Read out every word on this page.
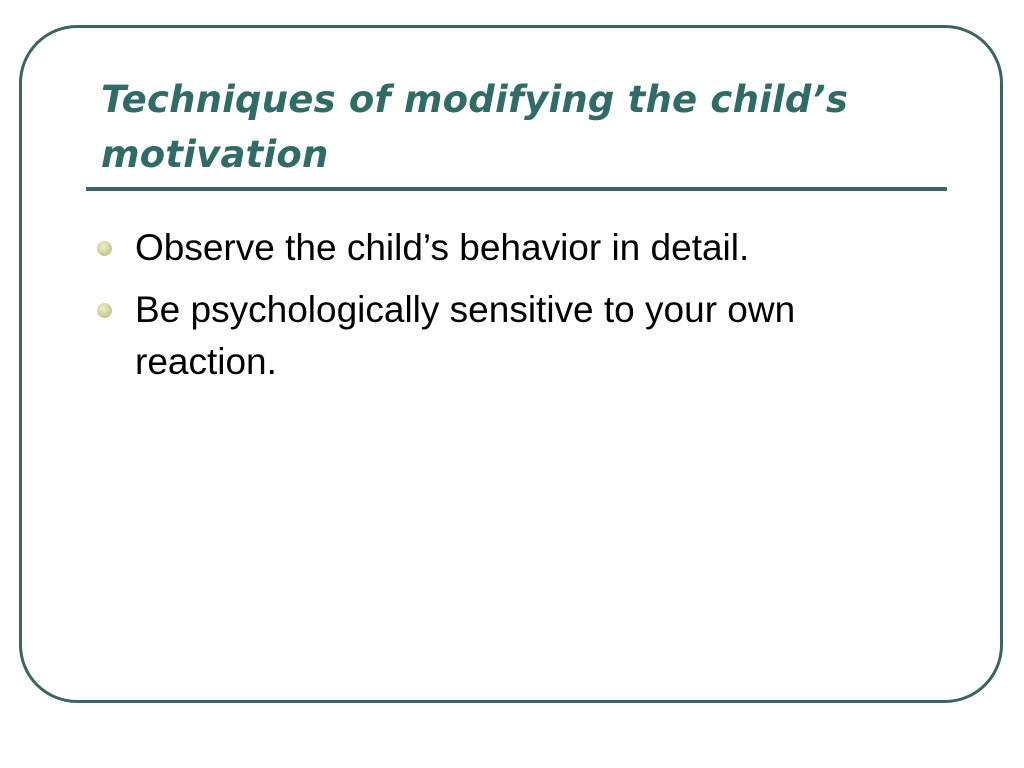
Techniques of modifying the child’s motivation
Observe the child’s behavior in detail.
Be psychologically sensitive to your own reaction.
